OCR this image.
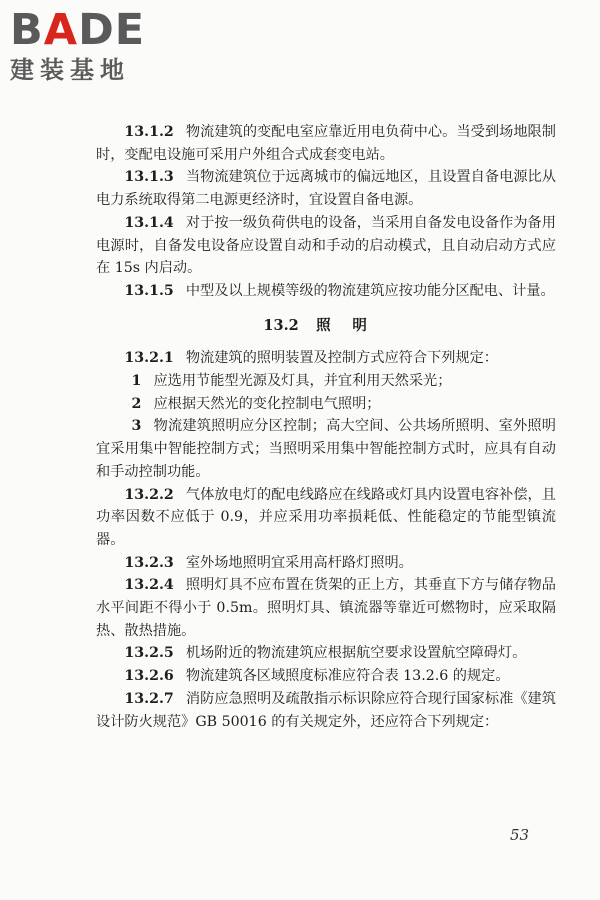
B A DE
建装基地

13.1.2 物流建筑的变配电室应靠近用电负荷中心。当受到场地限制时，变配电设施可采用户外组合式成套变电站。

13.1.3 当物流建筑位于远离城市的偏远地区，且设置自备电源比从电力系统取得第二电源更经济时，宜设置自备电源。

13.1.4 对于按一级负荷供电的设备，当采用自备发电设备作为备用电源时，自备发电设备应设置自动和手动的启动模式，且自动启动方式应在 15s 内启动。

13.1.5 中型及以上规模等级的物流建筑应按功能分区配电、计量。

13.2 照明

13.2.1 物流建筑的照明装置及控制方式应符合下列规定：

1 应选用节能型光源及灯具，并宜利用天然采光；

2 应根据天然光的变化控制电气照明；

3 物流建筑照明应分区控制；高大空间、公共场所照明、室外照明宜采用集中智能控制方式；当照明采用集中智能控制方式时，应具有自动和手动控制功能。

13.2.2 气体放电灯的配电线路应在线路或灯具内设置电容补偿，且功率因数不应低于 0.9，并应采用功率损耗低、性能稳定的节能型镇流器。

13.2.3 室外场地照明宜采用高杆路灯照明。

13.2.4 照明灯具不应布置在货架的正上方，其垂直下方与储存物品水平间距不得小于 0.5m。照明灯具、镇流器等靠近可燃物时，应采取隔热、散热措施。

13.2.5 机场附近的物流建筑应根据航空要求设置航空障碍灯。

13.2.6 物流建筑各区域照度标准应符合表 13.2.6 的规定。

13.2.7 消防应急照明及疏散指示标识除应符合现行国家标准《建筑设计防火规范》GB 50016 的有关规定外，还应符合下列规定：

53
